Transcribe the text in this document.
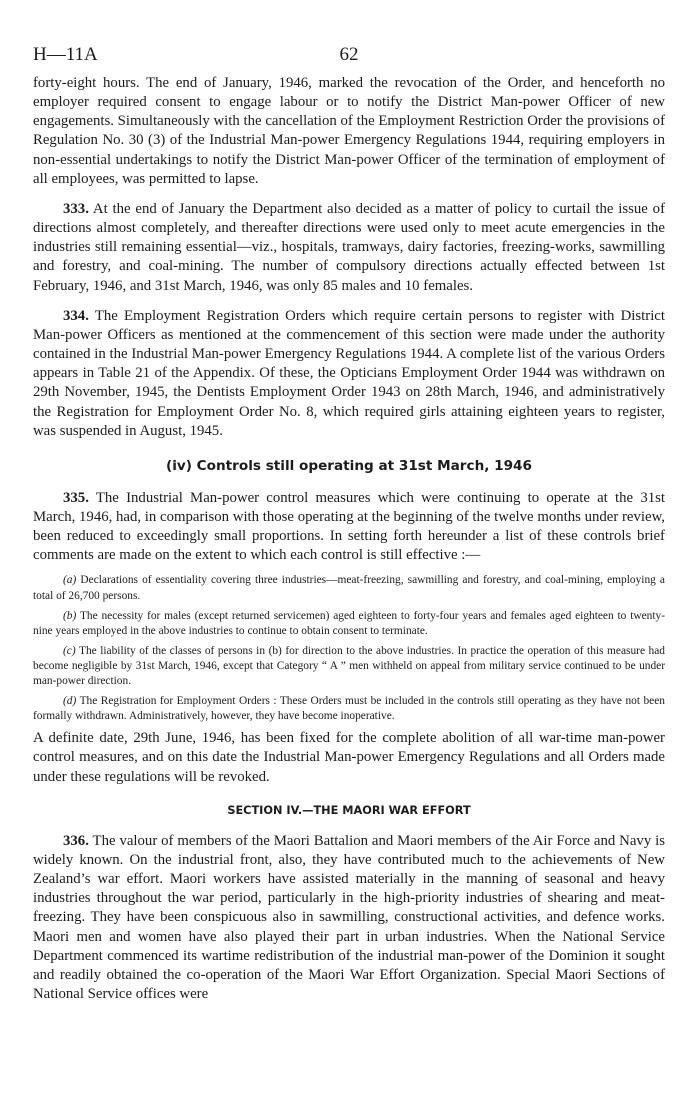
H—11A	62

forty-eight hours. The end of January, 1946, marked the revocation of the Order, and henceforth no employer required consent to engage labour or to notify the District Man-power Officer of new engagements. Simultaneously with the cancellation of the Employment Restriction Order the provisions of Regulation No. 30 (3) of the Industrial Man-power Emergency Regulations 1944, requiring employers in non-essential undertakings to notify the District Man-power Officer of the termination of employment of all employees, was permitted to lapse.

333. At the end of January the Department also decided as a matter of policy to curtail the issue of directions almost completely, and thereafter directions were used only to meet acute emergencies in the industries still remaining essential—viz., hospitals, tramways, dairy factories, freezing-works, sawmilling and forestry, and coal-mining. The number of compulsory directions actually effected between 1st February, 1946, and 31st March, 1946, was only 85 males and 10 females.

334. The Employment Registration Orders which require certain persons to register with District Man-power Officers as mentioned at the commencement of this section were made under the authority contained in the Industrial Man-power Emergency Regulations 1944. A complete list of the various Orders appears in Table 21 of the Appendix. Of these, the Opticians Employment Order 1944 was withdrawn on 29th November, 1945, the Dentists Employment Order 1943 on 28th March, 1946, and administratively the Registration for Employment Order No. 8, which required girls attaining eighteen years to register, was suspended in August, 1945.

(iv) Controls still operating at 31st March, 1946

335. The Industrial Man-power control measures which were continuing to operate at the 31st March, 1946, had, in comparison with those operating at the beginning of the twelve months under review, been reduced to exceedingly small proportions. In setting forth hereunder a list of these controls brief comments are made on the extent to which each control is still effective :—

(a) Declarations of essentiality covering three industries—meat-freezing, sawmilling and forestry, and coal-mining, employing a total of 26,700 persons.
(b) The necessity for males (except returned servicemen) aged eighteen to forty-four years and females aged eighteen to twenty-nine years employed in the above industries to continue to obtain consent to terminate.
(c) The liability of the classes of persons in (b) for direction to the above industries. In practice the operation of this measure had become negligible by 31st March, 1946, except that Category “ A ” men withheld on appeal from military service continued to be under man-power direction.
(d) The Registration for Employment Orders : These Orders must be included in the controls still operating as they have not been formally withdrawn. Administratively, however, they have become inoperative.

A definite date, 29th June, 1946, has been fixed for the complete abolition of all war-time man-power control measures, and on this date the Industrial Man-power Emergency Regulations and all Orders made under these regulations will be revoked.

SECTION IV.—THE MAORI WAR EFFORT

336. The valour of members of the Maori Battalion and Maori members of the Air Force and Navy is widely known. On the industrial front, also, they have contributed much to the achievements of New Zealand’s war effort. Maori workers have assisted materially in the manning of seasonal and heavy industries throughout the war period, particularly in the high-priority industries of shearing and meat-freezing. They have been conspicuous also in sawmilling, constructional activities, and defence works. Maori men and women have also played their part in urban industries. When the National Service Department commenced its wartime redistribution of the industrial man-power of the Dominion it sought and readily obtained the co-operation of the Maori War Effort Organization. Special Maori Sections of National Service offices were
